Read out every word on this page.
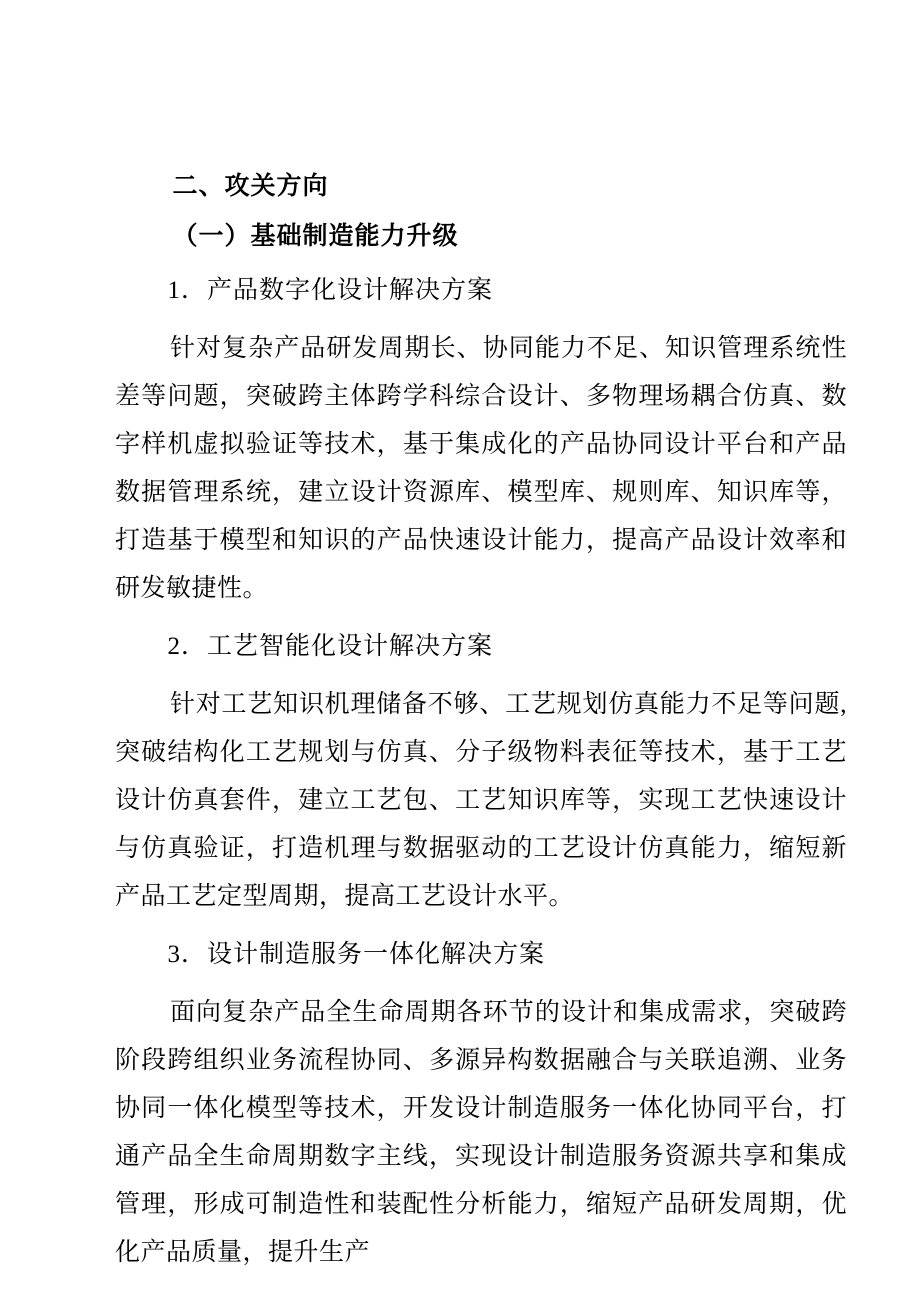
二、攻关方向
（一）基础制造能力升级
1．产品数字化设计解决方案
针对复杂产品研发周期长、协同能力不足、知识管理系统性差等问题，突破跨主体跨学科综合设计、多物理场耦合仿真、数字样机虚拟验证等技术，基于集成化的产品协同设计平台和产品数据管理系统，建立设计资源库、模型库、规则库、知识库等，打造基于模型和知识的产品快速设计能力，提高产品设计效率和研发敏捷性。
2．工艺智能化设计解决方案
针对工艺知识机理储备不够、工艺规划仿真能力不足等问题,突破结构化工艺规划与仿真、分子级物料表征等技术，基于工艺设计仿真套件，建立工艺包、工艺知识库等，实现工艺快速设计与仿真验证，打造机理与数据驱动的工艺设计仿真能力，缩短新产品工艺定型周期，提高工艺设计水平。
3．设计制造服务一体化解决方案
面向复杂产品全生命周期各环节的设计和集成需求，突破跨阶段跨组织业务流程协同、多源异构数据融合与关联追溯、业务协同一体化模型等技术，开发设计制造服务一体化协同平台，打通产品全生命周期数字主线，实现设计制造服务资源共享和集成管理，形成可制造性和装配性分析能力，缩短产品研发周期，优化产品质量，提升生产
